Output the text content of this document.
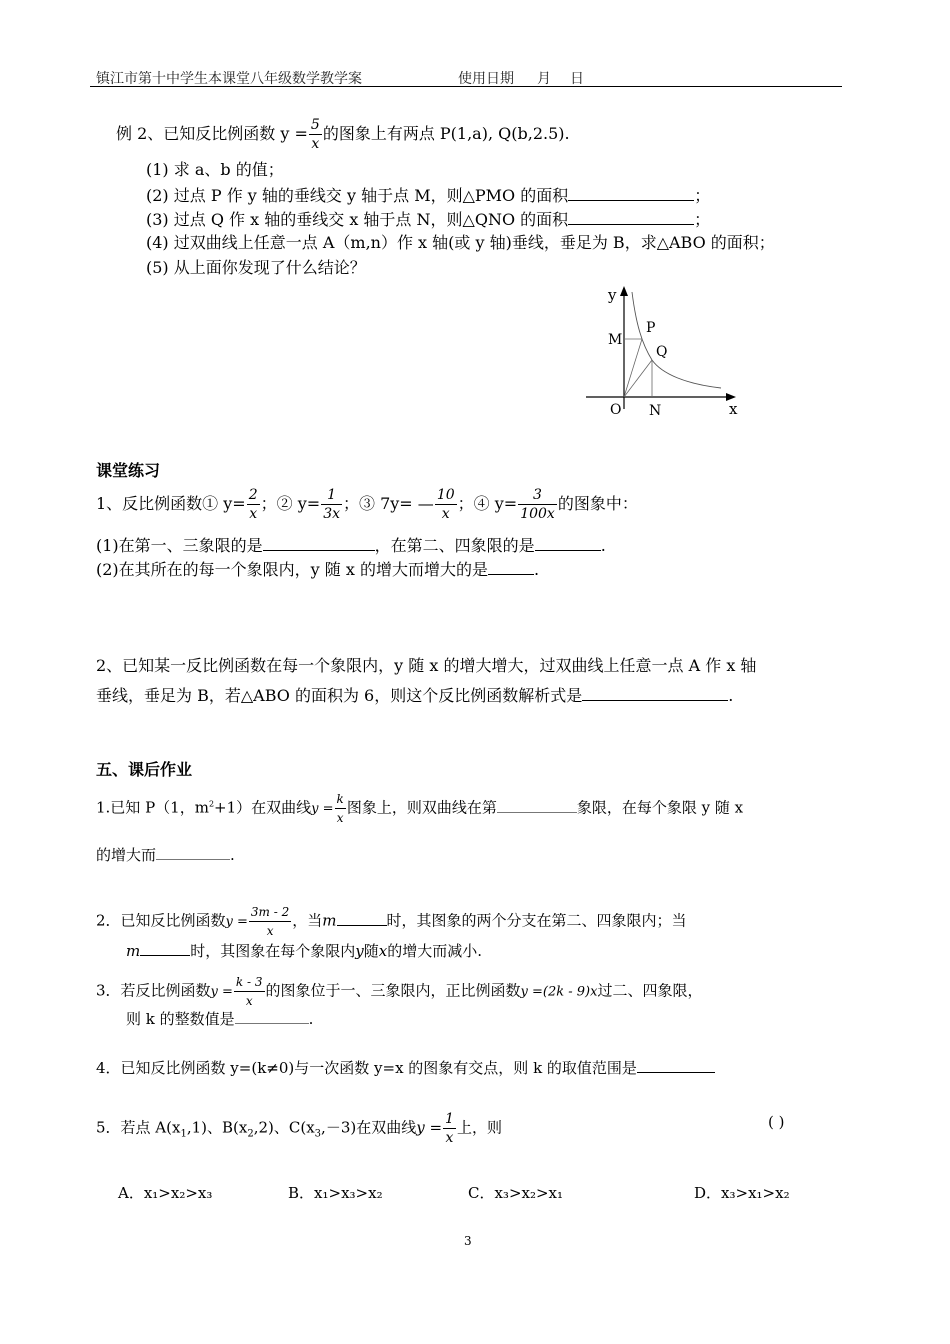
镇江市第十中学生本课堂八年级数学教学案	使用日期 月 日
例 2、已知反比例函数 $y = \frac{5}{x}$ 的图象上有两点 P(1,a), Q(b,2.5).
(1) 求 a、b 的值；
(2) 过点 P 作 y 轴的垂线交 y 轴于点 M，则△PMO 的面积	；
(3) 过点 Q 作 x 轴的垂线交 x 轴于点 N，则△QNO 的面积	；
(4) 过双曲线上任意一点 A（m,n）作 x 轴(或 y 轴)垂线，垂足为 B，求△ABO 的面积；
(5) 从上面你发现了什么结论？
y
x
O
M
P
Q
N
课堂练习
1、反比例函数① $y= \frac{2}{x}$ ；② $y= \frac{1}{3x}$ ；③ 7y= — $\frac{10}{x}$ ；④ $y= \frac{3}{100x}$ 的图象中：
(1)在第一、三象限的是	，在第二、四象限的是	.
(2)在其所在的每一个象限内，y 随 x 的增大而增大的是	.
2、已知某一反比例函数在每一个象限内，y 随 x 的增大增大，过双曲线上任意一点 A 作 x 轴
垂线，垂足为 B，若△ABO 的面积为 6，则这个反比例函数解析式是	.
五、课后作业
1.已知 P（1，$m^2+1$）在双曲线$y = \frac{k}{x}$ 图象上，则双曲线在第	象限，在每个象限 y 随 x
的增大而	.
2．已知反比例函数$y = \frac{3m - 2}{x}$ ，当m	时，其图象的两个分支在第二、四象限内；当
m	时，其图象在每个象限内y随x的增大而减小.
3．若反比例函数$y = \frac{k - 3}{x}$ 的图象位于一、三象限内，正比例函数y =(2k - 9)x过二、四象限，
则 k 的整数值是	.
4．已知反比例函数 y=(k≠0)与一次函数 y=x 的图象有交点，则 k 的取值范围是
5．若点 $A(x_1,1)$、$B(x_2,2)$、$C(x_3,-3)$在双曲线$y = \frac{1}{x}$ 上，则	( )
A．x₁>x₂>x₃	B．x₁>x₃>x₂	C．x₃>x₂>x₁	D．x₃>x₁>x₂
3
